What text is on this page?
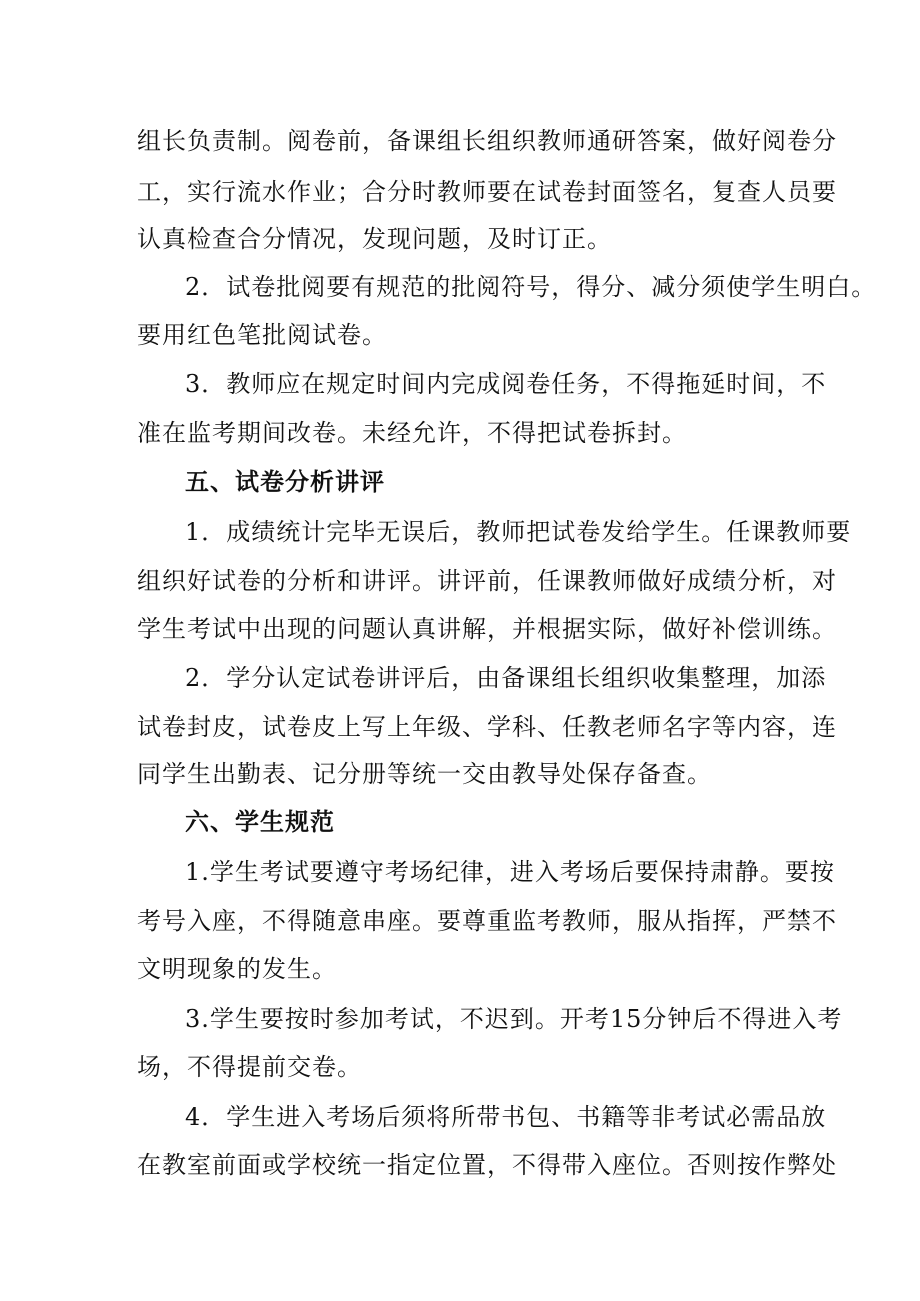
组长负责制。阅卷前，备课组长组织教师通研答案，做好阅卷分
工，实行流水作业；合分时教师要在试卷封面签名，复查人员要
认真检查合分情况，发现问题，及时订正。
2．试卷批阅要有规范的批阅符号，得分、减分须使学生明白。
要用红色笔批阅试卷。
3．教师应在规定时间内完成阅卷任务，不得拖延时间，不
准在监考期间改卷。未经允许，不得把试卷拆封。
五、试卷分析讲评
1．成绩统计完毕无误后，教师把试卷发给学生。任课教师要
组织好试卷的分析和讲评。讲评前，任课教师做好成绩分析，对
学生考试中出现的问题认真讲解，并根据实际，做好补偿训练。
2．学分认定试卷讲评后，由备课组长组织收集整理，加添
试卷封皮，试卷皮上写上年级、学科、任教老师名字等内容，连
同学生出勤表、记分册等统一交由教导处保存备查。
六、学生规范
1.学生考试要遵守考场纪律，进入考场后要保持肃静。要按
考号入座，不得随意串座。要尊重监考教师，服从指挥，严禁不
文明现象的发生。
3.学生要按时参加考试，不迟到。开考15分钟后不得进入考
场，不得提前交卷。
4．学生进入考场后须将所带书包、书籍等非考试必需品放
在教室前面或学校统一指定位置，不得带入座位。否则按作弊处
